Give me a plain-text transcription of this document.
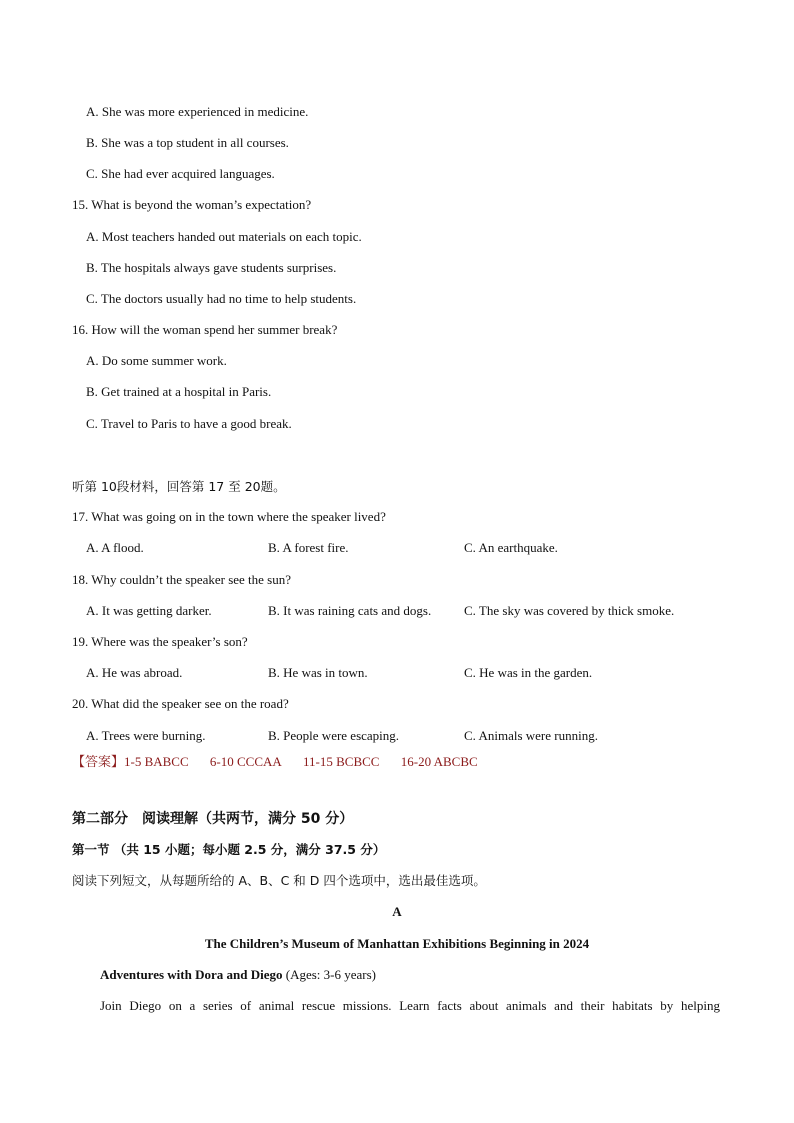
A. She was more experienced in medicine.
B. She was a top student in all courses.
C. She had ever acquired languages.
15. What is beyond the woman’s expectation?
A. Most teachers handed out materials on each topic.
B. The hospitals always gave students surprises.
C. The doctors usually had no time to help students.
16. How will the woman spend her summer break?
A. Do some summer work.
B. Get trained at a hospital in Paris.
C. Travel to Paris to have a good break.
听第 10段材料，回答第 17 至 20题。
17. What was going on in the town where the speaker lived?
A. A flood.	B. A forest fire.	C. An earthquake.
18. Why couldn’t the speaker see the sun?
A. It was getting darker.	B. It was raining cats and dogs.	C. The sky was covered by thick smoke.
19. Where was the speaker’s son?
A. He was abroad.	B. He was in town.	C. He was in the garden.
20. What did the speaker see on the road?
A. Trees were burning.	B. People were escaping.	C. Animals were running.
【答案】1-5 BABCC 6-10 CCCAA 11-15 BCBCC 16-20 ABCBC
第二部分　阅读理解（共两节，满分 50 分）
第一节 （共 15 小题；每小题 2.5 分，满分 37.5 分）
阅读下列短文，从每题所给的 A、B、C 和 D 四个选项中，选出最佳选项。
A
The Children’s Museum of Manhattan Exhibitions Beginning in 2024
Adventures with Dora and Diego (Ages: 3-6 years)
Join Diego on a series of animal rescue missions. Learn facts about animals and their habitats by helping
